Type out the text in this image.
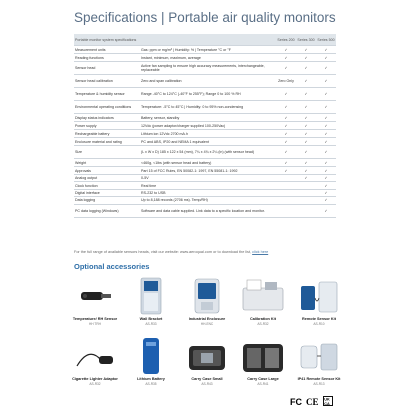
Specifications | Portable air quality monitors
Portable monitor system specifications		Series 200	Series 300	Series 500
Measurement units	Gas: ppm or mg/m³ | Humidity: % | Temperature °C or °F	✓	✓	✓
Reading functions	Instant, minimum, maximum, average	✓	✓	✓
Sensor head	Active fan sampling to ensure high accuracy measurements, interchangeable, replaceable	✓	✓	✓
Sensor head calibration	Zero and span calibration	Zero Only	✓	✓
Temperature & humidity sensor	Range -40°C to 124°C (-40°F to 255°F); Range 0 to 100 % RH	✓	✓	✓
Environmental operating conditions	Temperature: -5°C to 45°C | Humidity: 0 to 95% non-condensing	✓	✓	✓
Display status indicators	Battery, sensor, standby	✓	✓	✓
Power supply	12Vdc (power adaptor/charger supplied 100-250Vac)	✓	✓	✓
Rechargeable battery	Lithium ion 12Vdc 2700 mA.h	✓	✓	✓
Enclosure material and rating	PC and ABS, IP20 and NEMA 1 equivalent	✓	✓	✓
Size	(L x W x D) 185 x 122 x 54 (mm), 7¼ x 4¾ x 2¼ (in) (with sensor head)	✓	✓	✓
Weight	<460g, <1lbs (with sensor head and battery)	✓	✓	✓
Approvals	Part 15 of FCC Rules, EN 50082-1: 1997, EN 55081-1: 1992	✓	✓	✓
Analog output	0-5V		✓	✓
Clock function	Real time			✓
Digital interface	RS-232 to USB			✓
Data logging	Up to 8,188 records (2706 ms). Temp/RH)			✓
PC data logging (Windows)	Software and data cable supplied. Link data to a specific location and monitor.			✓
For the full range of available sensors heads, visit our website: www.aeroqual.com or to download the list, click here
Optional accessories
Temperature/ RH Sensor
HH TRH
Wall Bracket
AS-R33
Industrial Enclosure
HH-ENC
Calibration Kit
AS-R32
Remote Sensor Kit
AS-R10
Cigarette Lighter Adaptor
AS-R32
Lithium Battery
AS-R35
Carry Case Small
AS-R43
Carry Case Large
AS-R41
IP41 Remote Sensor Kit
AS-R13
FC CE UK
CA
